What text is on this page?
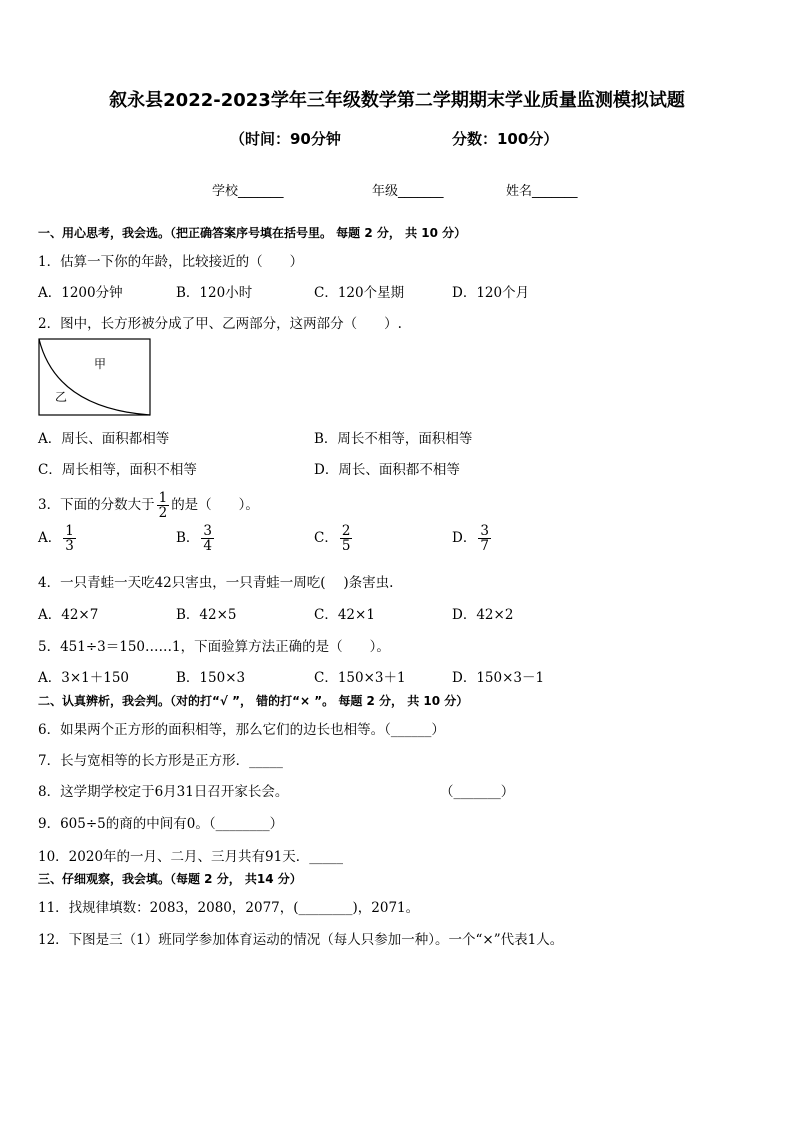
叙永县2022-2023学年三年级数学第二学期期末学业质量监测模拟试题
（时间：90分钟	分数：100分）
学校_______	年级_______	姓名_______
一、用心思考，我会选。（把正确答案序号填在括号里。 每题 2 分， 共 10 分）
1．估算一下你的年龄，比较接近的（　　）
A．1200分钟	B．120小时	C．120个星期	D．120个月
2．图中，长方形被分成了甲、乙两部分，这两部分（　　）.
甲
乙
A．周长、面积都相等	B．周长不相等，面积相等
C．周长相等，面积不相等	D．周长、面积都不相等
3．下面的分数大于 $\frac{1}{2}$ 的是（　　）。
A． $\frac{1}{3}$	B． $\frac{3}{4}$	C． $\frac{2}{5}$	D． $\frac{3}{7}$
4．一只青蛙一天吃42只害虫，一只青蛙一周吃(　 )条害虫.
A．42×7	B．42×5	C．42×1	D．42×2
5．451÷3＝150……1，下面验算方法正确的是（　　）。
A．3×1＋150	B．150×3	C．150×3＋1	D．150×3－1
二、认真辨析，我会判。（对的打“√ ”， 错的打“× ”。 每题 2 分， 共 10 分）
6．如果两个正方形的面积相等，那么它们的边长也相等。（______）
7．长与宽相等的长方形是正方形．_____
8．这学期学校定于6月31日召开家长会。	（_______）
9．605÷5的商的中间有0。（________）
10．2020年的一月、二月、三月共有91天．_____
三、仔细观察，我会填。（每题 2 分， 共14 分）
11．找规律填数：2083，2080，2077，(________)，2071。
12．下图是三（1）班同学参加体育运动的情况（每人只参加一种）。一个“×”代表1人。
